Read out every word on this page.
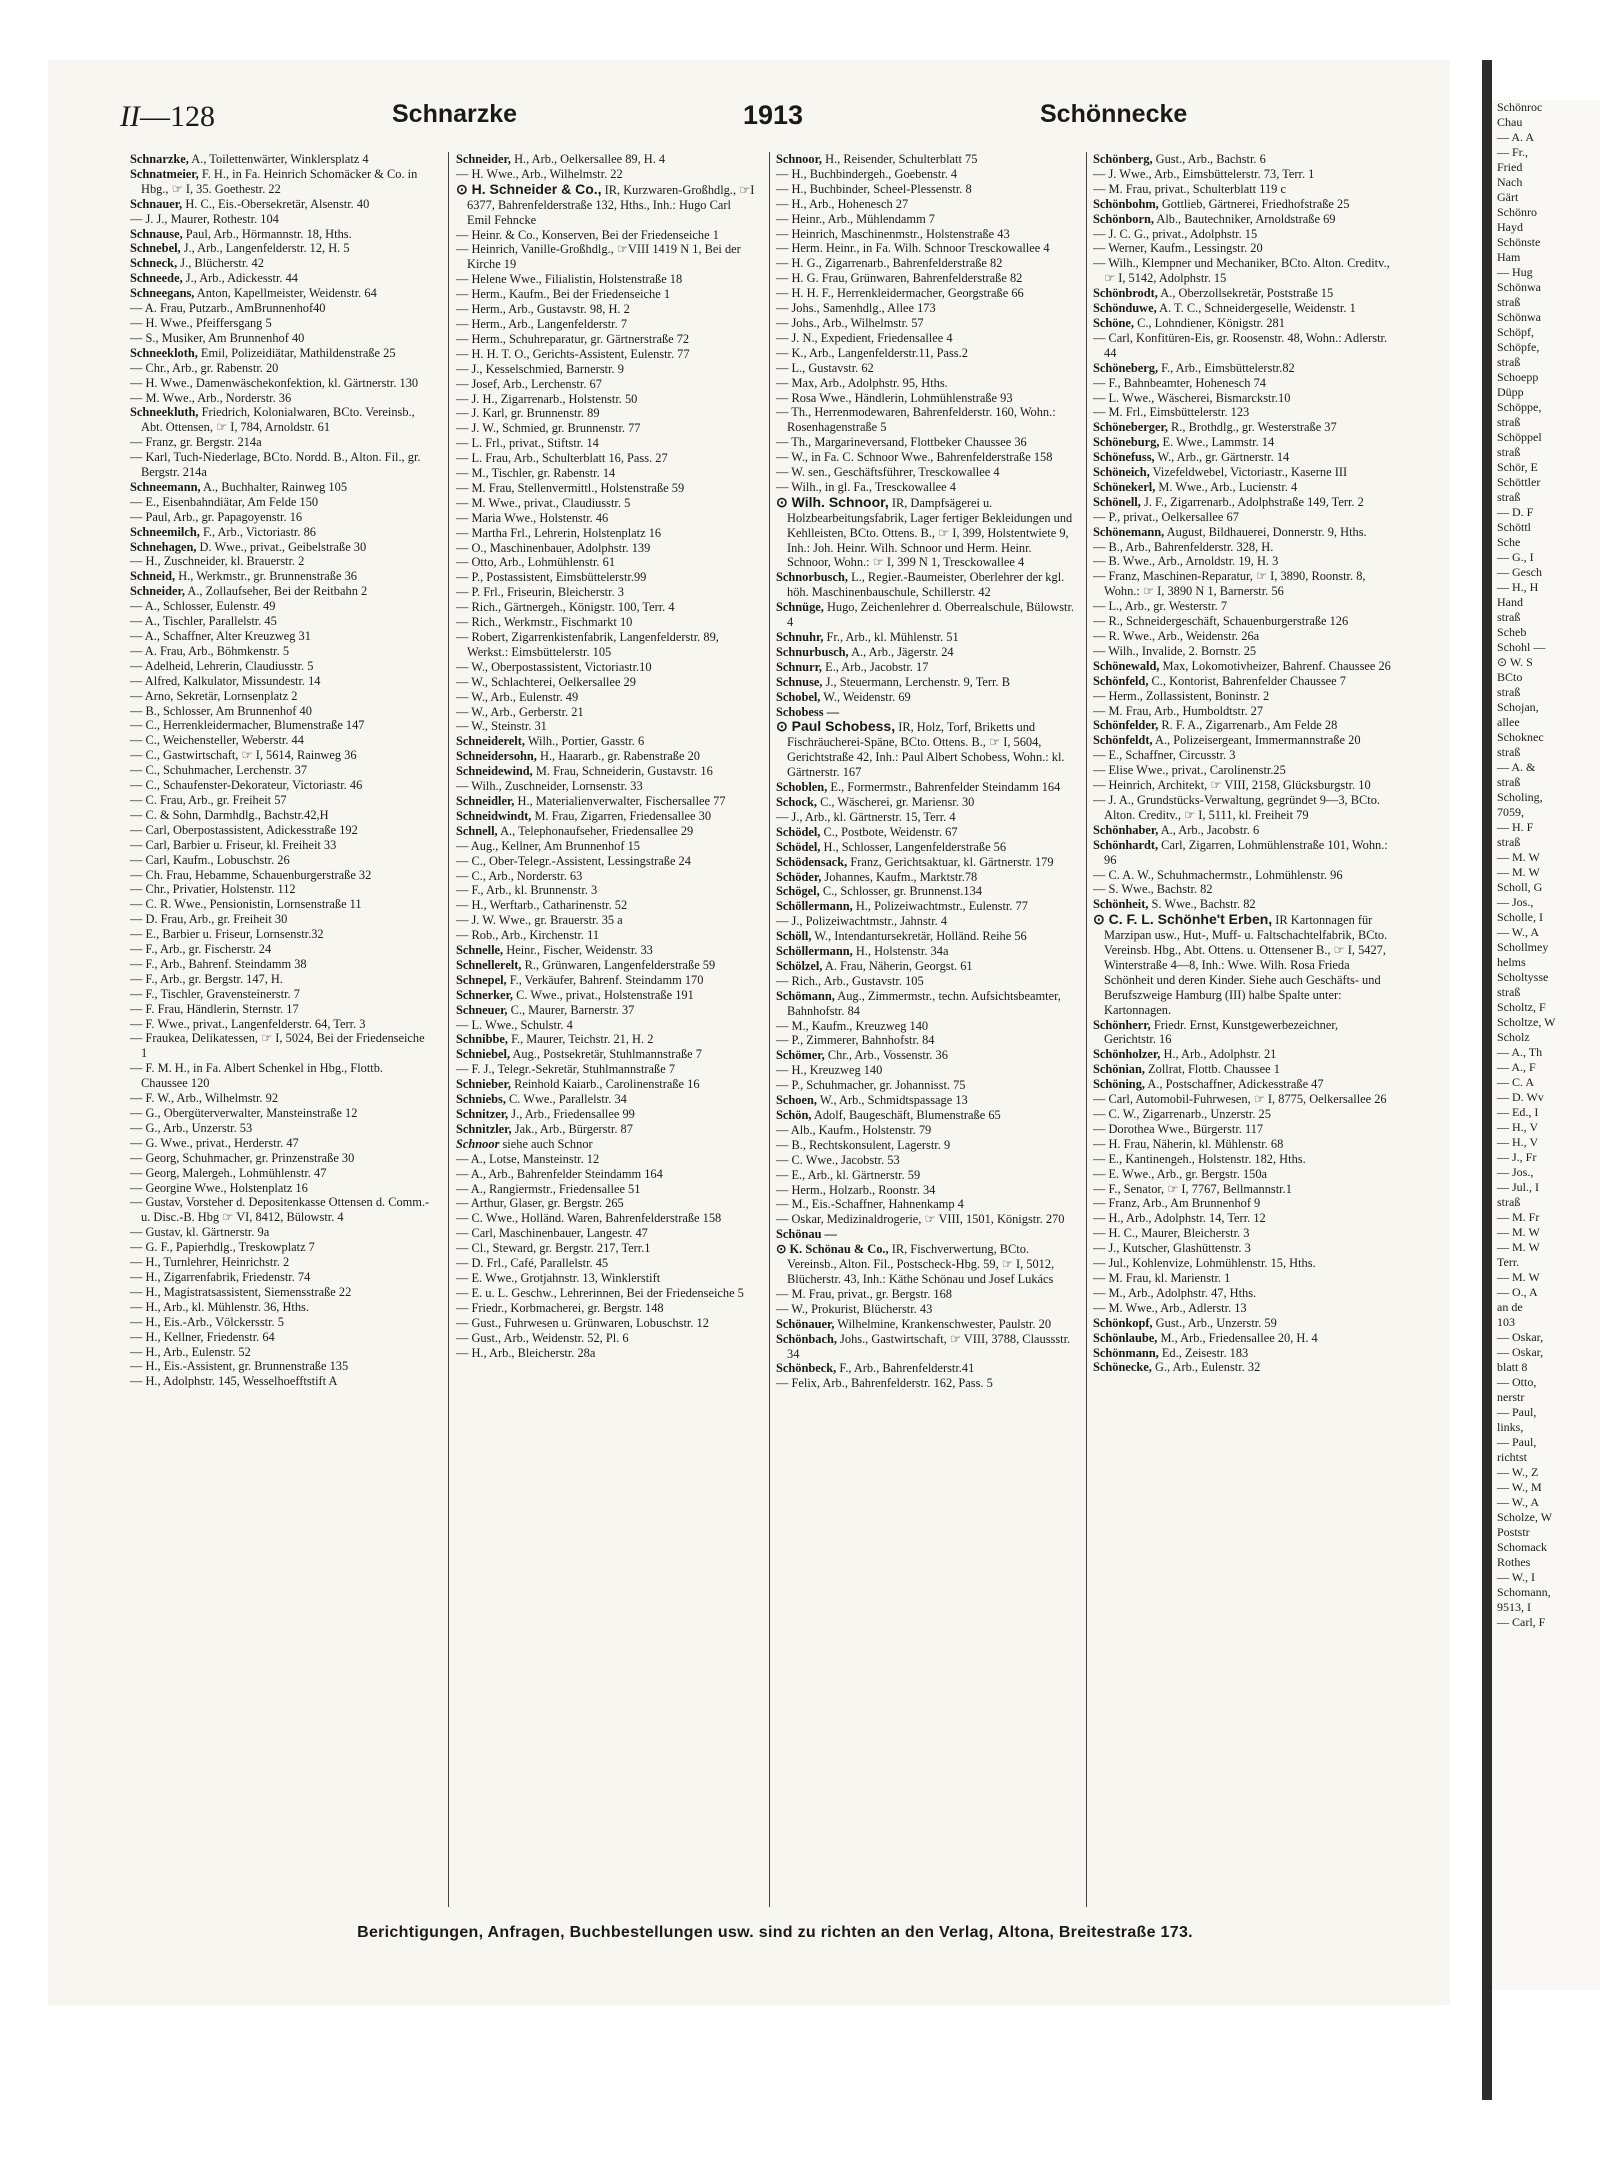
Schönroc
Chau
— A. A
— Fr.,
Fried
Nach
Gärt
Schönro
Hayd
Schönste
Ham
— Hug
Schönwa
straß
Schönwa
Schöpf,
Schöpfe,
straß
Schoepp
Düpp
Schöppe,
straß
Schöppel
straß
Schör, E
Schöttler
straß
— D. F
Schöttl
Sche
— G., I
— Gesch
— H., H
Hand
straß
Scheb
Schohl —
⊙ W. S
BCto
straß
Schojan,
allee
Schoknec
straß
— A. &
straß
Scholing,
7059,
— H. F
straß
— M. W
— M. W
Scholl, G
— Jos.,
Scholle, I
— W., A
Schollmey
helms
Scholtysse
straß
Scholtz, F
Scholtze, W
Scholz
— A., Th
— A., F
— C. A
— D. Wv
— Ed., I
— H., V
— H., V
— J., Fr
— Jos.,
— Jul., I
straß
— M. Fr
— M. W
— M. W
Terr.
— M. W
— O., A
an de
103
— Oskar,
— Oskar,
blatt 8
— Otto,
nerstr
— Paul,
links,
— Paul,
richtst
— W., Z
— W., M
— W., A
Scholze, W
Poststr
Schomack
Rothes
— W., I
Schomann,
9513, I
— Carl, F
II—128	Schnarzke	1913	Schönnecke

Schnarzke, A., Toilettenwärter, Winklersplatz 4

Schnatmeier, F. H., in Fa. Heinrich Schomäcker & Co. in Hbg., ☞ I, 35. Goethestr. 22

Schnauer, H. C., Eis.-Obersekretär, Alsenstr. 40

— J. J., Maurer, Rothestr. 104

Schnause, Paul, Arb., Hörmannstr. 18, Hths.

Schnebel, J., Arb., Langenfelderstr. 12, H. 5

Schneck, J., Blücherstr. 42

Schneede, J., Arb., Adickesstr. 44

Schneegans, Anton, Kapellmeister, Weidenstr. 64

— A. Frau, Putzarb., AmBrunnenhof40

— H. Wwe., Pfeiffersgang 5

— S., Musiker, Am Brunnenhof 40

Schneekloth, Emil, Polizeidiätar, Mathildenstraße 25

— Chr., Arb., gr. Rabenstr. 20

— H. Wwe., Damenwäschekonfektion, kl. Gärtnerstr. 130

— M. Wwe., Arb., Norderstr. 36

Schneekluth, Friedrich, Kolonialwaren, BCto. Vereinsb., Abt. Ottensen, ☞ I, 784, Arnoldstr. 61

— Franz, gr. Bergstr. 214a

— Karl, Tuch-Niederlage, BCto. Nordd. B., Alton. Fil., gr. Bergstr. 214a

Schneemann, A., Buchhalter, Rainweg 105

— E., Eisenbahndiätar, Am Felde 150

— Paul, Arb., gr. Papagoyenstr. 16

Schneemilch, F., Arb., Victoriastr. 86

Schnehagen, D. Wwe., privat., Geibelstraße 30

— H., Zuschneider, kl. Brauerstr. 2

Schneid, H., Werkmstr., gr. Brunnenstraße 36

Schneider, A., Zollaufseher, Bei der Reitbahn 2

— A., Schlosser, Eulenstr. 49

— A., Tischler, Parallelstr. 45

— A., Schaffner, Alter Kreuzweg 31

— A. Frau, Arb., Böhmkenstr. 5

— Adelheid, Lehrerin, Claudiusstr. 5

— Alfred, Kalkulator, Missundestr. 14

— Arno, Sekretär, Lornsenplatz 2

— B., Schlosser, Am Brunnenhof 40

— C., Herrenkleidermacher, Blumenstraße 147

— C., Weichensteller, Weberstr. 44

— C., Gastwirtschaft, ☞ I, 5614, Rainweg 36

— C., Schuhmacher, Lerchenstr. 37

— C., Schaufenster-Dekorateur, Victoriastr. 46

— C. Frau, Arb., gr. Freiheit 57

— C. & Sohn, Darmhdlg., Bachstr.42,H

— Carl, Oberpostassistent, Adickesstraße 192

— Carl, Barbier u. Friseur, kl. Freiheit 33

— Carl, Kaufm., Lobuschstr. 26

— Ch. Frau, Hebamme, Schauenburgerstraße 32

— Chr., Privatier, Holstenstr. 112

— C. R. Wwe., Pensionistin, Lornsenstraße 11

— D. Frau, Arb., gr. Freiheit 30

— E., Barbier u. Friseur, Lornsenstr.32

— F., Arb., gr. Fischerstr. 24

— F., Arb., Bahrenf. Steindamm 38

— F., Arb., gr. Bergstr. 147, H.

— F., Tischler, Gravensteinerstr. 7

— F. Frau, Händlerin, Sternstr. 17

— F. Wwe., privat., Langenfelderstr. 64, Terr. 3

— Fraukea, Delikatessen, ☞ I, 5024, Bei der Friedenseiche 1

— F. M. H., in Fa. Albert Schenkel in Hbg., Flottb. Chaussee 120

— F. W., Arb., Wilhelmstr. 92

— G., Obergüterverwalter, Mansteinstraße 12

— G., Arb., Unzerstr. 53

— G. Wwe., privat., Herderstr. 47

— Georg, Schuhmacher, gr. Prinzenstraße 30

— Georg, Malergeh., Lohmühlenstr. 47

— Georgine Wwe., Holstenplatz 16

— Gustav, Vorsteher d. Depositenkasse Ottensen d. Comm.- u. Disc.-B. Hbg ☞ VI, 8412, Bülowstr. 4

— Gustav, kl. Gärtnerstr. 9a

— G. F., Papierhdlg., Treskowplatz 7

— H., Turnlehrer, Heinrichstr. 2

— H., Zigarrenfabrik, Friedenstr. 74

— H., Magistratsassistent, Siemensstraße 22

— H., Arb., kl. Mühlenstr. 36, Hths.

— H., Eis.-Arb., Völckersstr. 5

— H., Kellner, Friedenstr. 64

— H., Arb., Eulenstr. 52

— H., Eis.-Assistent, gr. Brunnenstraße 135

— H., Adolphstr. 145, Wesselhoefftstift A

Schneider, H., Arb., Oelkersallee 89, H. 4

— H. Wwe., Arb., Wilhelmstr. 22

⊙ H. Schneider & Co., IR, Kurzwaren-Großhdlg., ☞I 6377, Bahrenfelderstraße 132, Hths., Inh.: Hugo Carl Emil Fehncke

— Heinr. & Co., Konserven, Bei der Friedenseiche 1

— Heinrich, Vanille-Großhdlg., ☞VIII 1419 N 1, Bei der Kirche 19

— Helene Wwe., Filialistin, Holstenstraße 18

— Herm., Kaufm., Bei der Friedenseiche 1

— Herm., Arb., Gustavstr. 98, H. 2

— Herm., Arb., Langenfelderstr. 7

— Herm., Schuhreparatur, gr. Gärtnerstraße 72

— H. H. T. O., Gerichts-Assistent, Eulenstr. 77

— J., Kesselschmied, Barnerstr. 9

— Josef, Arb., Lerchenstr. 67

— J. H., Zigarrenarb., Holstenstr. 50

— J. Karl, gr. Brunnenstr. 89

— J. W., Schmied, gr. Brunnenstr. 77

— L. Frl., privat., Stiftstr. 14

— L. Frau, Arb., Schulterblatt 16, Pass. 27

— M., Tischler, gr. Rabenstr. 14

— M. Frau, Stellenvermittl., Holstenstraße 59

— M. Wwe., privat., Claudiusstr. 5

— Maria Wwe., Holstenstr. 46

— Martha Frl., Lehrerin, Holstenplatz 16

— O., Maschinenbauer, Adolphstr. 139

— Otto, Arb., Lohmühlenstr. 61

— P., Postassistent, Eimsbüttelerstr.99

— P. Frl., Friseurin, Bleicherstr. 3

— Rich., Gärtnergeh., Königstr. 100, Terr. 4

— Rich., Werkmstr., Fischmarkt 10

— Robert, Zigarrenkistenfabrik, Langenfelderstr. 89, Werkst.: Eimsbüttelerstr. 105

— W., Oberpostassistent, Victoriastr.10

— W., Schlachterei, Oelkersallee 29

— W., Arb., Eulenstr. 49

— W., Arb., Gerberstr. 21

— W., Steinstr. 31

Schneiderelt, Wilh., Portier, Gasstr. 6

Schneidersohn, H., Haararb., gr. Rabenstraße 20

Schneidewind, M. Frau, Schneiderin, Gustavstr. 16

— Wilh., Zuschneider, Lornsenstr. 33

Schneidler, H., Materialienverwalter, Fischersallee 77

Schneidwindt, M. Frau, Zigarren, Friedensallee 30

Schnell, A., Telephonaufseher, Friedensallee 29

— Aug., Kellner, Am Brunnenhof 15

— C., Ober-Telegr.-Assistent, Lessingstraße 24

— C., Arb., Norderstr. 63

— F., Arb., kl. Brunnenstr. 3

— H., Werftarb., Catharinenstr. 52

— J. W. Wwe., gr. Brauerstr. 35 a

— Rob., Arb., Kirchenstr. 11

Schnelle, Heinr., Fischer, Weidenstr. 33

Schnellerelt, R., Grünwaren, Langenfelderstraße 59

Schnepel, F., Verkäufer, Bahrenf. Steindamm 170

Schnerker, C. Wwe., privat., Holstenstraße 191

Schneuer, C., Maurer, Barnerstr. 37

— L. Wwe., Schulstr. 4

Schnibbe, F., Maurer, Teichstr. 21, H. 2

Schniebel, Aug., Postsekretär, Stuhlmannstraße 7

— F. J., Telegr.-Sekretär, Stuhlmannstraße 7

Schnieber, Reinhold Kaiarb., Carolinenstraße 16

Schniebs, C. Wwe., Parallelstr. 34

Schnitzer, J., Arb., Friedensallee 99

Schnitzler, Jak., Arb., Bürgerstr. 87

Schnoor siehe auch Schnor

— A., Lotse, Mansteinstr. 12

— A., Arb., Bahrenfelder Steindamm 164

— A., Rangiermstr., Friedensallee 51

— Arthur, Glaser, gr. Bergstr. 265

— C. Wwe., Holländ. Waren, Bahrenfelderstraße 158

— Carl, Maschinenbauer, Langestr. 47

— Cl., Steward, gr. Bergstr. 217, Terr.1

— D. Frl., Café, Parallelstr. 45

— E. Wwe., Grotjahnstr. 13, Winklerstift

— E. u. L. Geschw., Lehrerinnen, Bei der Friedenseiche 5

— Friedr., Korbmacherei, gr. Bergstr. 148

— Gust., Fuhrwesen u. Grünwaren, Lobuschstr. 12

— Gust., Arb., Weidenstr. 52, Pl. 6

— H., Arb., Bleicherstr. 28a

Schnoor, H., Reisender, Schulterblatt 75

— H., Buchbindergeh., Goebenstr. 4

— H., Buchbinder, Scheel-Plessenstr. 8

— H., Arb., Hohenesch 27

— Heinr., Arb., Mühlendamm 7

— Heinrich, Maschinenmstr., Holstenstraße 43

— Herm. Heinr., in Fa. Wilh. Schnoor Tresckowallee 4

— H. G., Zigarrenarb., Bahrenfelderstraße 82

— H. G. Frau, Grünwaren, Bahrenfelderstraße 82

— H. H. F., Herrenkleidermacher, Georgstraße 66

— Johs., Samenhdlg., Allee 173

— Johs., Arb., Wilhelmstr. 57

— J. N., Expedient, Friedensallee 4

— K., Arb., Langenfelderstr.11, Pass.2

— L., Gustavstr. 62

— Max, Arb., Adolphstr. 95, Hths.

— Rosa Wwe., Händlerin, Lohmühlenstraße 93

— Th., Herrenmodewaren, Bahrenfelderstr. 160, Wohn.: Rosenhagenstraße 5

— Th., Margarineversand, Flottbeker Chaussee 36

— W., in Fa. C. Schnoor Wwe., Bahrenfelderstraße 158

— W. sen., Geschäftsführer, Tresckowallee 4

— Wilh., in gl. Fa., Tresckowallee 4

⊙ Wilh. Schnoor, IR, Dampfsägerei u. Holzbearbeitungsfabrik, Lager fertiger Bekleidungen und Kehlleisten, BCto. Ottens. B., ☞ I, 399, Holstentwiete 9, Inh.: Joh. Heinr. Wilh. Schnoor und Herm. Heinr. Schnoor, Wohn.: ☞ I, 399 N 1, Tresckowallee 4

Schnorbusch, L., Regier.-Baumeister, Oberlehrer der kgl. höh. Maschinenbauschule, Schillerstr. 42

Schnüge, Hugo, Zeichenlehrer d. Oberrealschule, Bülowstr. 4

Schnuhr, Fr., Arb., kl. Mühlenstr. 51

Schnurbusch, A., Arb., Jägerstr. 24

Schnurr, E., Arb., Jacobstr. 17

Schnuse, J., Steuermann, Lerchenstr. 9, Terr. B

Schobel, W., Weidenstr. 69

Schobess —

⊙ Paul Schobess, IR, Holz, Torf, Briketts und Fischräucherei-Späne, BCto. Ottens. B., ☞ I, 5604, Gerichtstraße 42, Inh.: Paul Albert Schobess, Wohn.: kl. Gärtnerstr. 167

Schoblen, E., Formermstr., Bahrenfelder Steindamm 164

Schock, C., Wäscherei, gr. Mariensr. 30

— J., Arb., kl. Gärtnerstr. 15, Terr. 4

Schödel, C., Postbote, Weidenstr. 67

Schödel, H., Schlosser, Langenfelderstraße 56

Schödensack, Franz, Gerichtsaktuar, kl. Gärtnerstr. 179

Schöder, Johannes, Kaufm., Marktstr.78

Schögel, C., Schlosser, gr. Brunnenst.134

Schöllermann, H., Polizeiwachtmstr., Eulenstr. 77

— J., Polizeiwachtmstr., Jahnstr. 4

Schöll, W., Intendantursekretär, Holländ. Reihe 56

Schöllermann, H., Holstenstr. 34a

Schölzel, A. Frau, Näherin, Georgst. 61

— Rich., Arb., Gustavstr. 105

Schömann, Aug., Zimmermstr., techn. Aufsichtsbeamter, Bahnhofstr. 84

— M., Kaufm., Kreuzweg 140

— P., Zimmerer, Bahnhofstr. 84

Schömer, Chr., Arb., Vossenstr. 36

— H., Kreuzweg 140

— P., Schuhmacher, gr. Johannisst. 75

Schoen, W., Arb., Schmidtspassage 13

Schön, Adolf, Baugeschäft, Blumenstraße 65

— Alb., Kaufm., Holstenstr. 79

— B., Rechtskonsulent, Lagerstr. 9

— C. Wwe., Jacobstr. 53

— E., Arb., kl. Gärtnerstr. 59

— Herm., Holzarb., Roonstr. 34

— M., Eis.-Schaffner, Hahnenkamp 4

— Oskar, Medizinaldrogerie, ☞ VIII, 1501, Königstr. 270

Schönau —

⊙ K. Schönau & Co., IR, Fischverwertung, BCto. Vereinsb., Alton. Fil., Postscheck-Hbg. 59, ☞ I, 5012, Blücherstr. 43, Inh.: Käthe Schönau und Josef Lukács

— M. Frau, privat., gr. Bergstr. 168

— W., Prokurist, Blücherstr. 43

Schönauer, Wilhelmine, Krankenschwester, Paulstr. 20

Schönbach, Johs., Gastwirtschaft, ☞ VIII, 3788, Claussstr. 34

Schönbeck, F., Arb., Bahrenfelderstr.41

— Felix, Arb., Bahrenfelderstr. 162, Pass. 5

Schönberg, Gust., Arb., Bachstr. 6

— J. Wwe., Arb., Eimsbüttelerstr. 73, Terr. 1

— M. Frau, privat., Schulterblatt 119 c

Schönbohm, Gottlieb, Gärtnerei, Friedhofstraße 25

Schönborn, Alb., Bautechniker, Arnoldstraße 69

— J. C. G., privat., Adolphstr. 15

— Werner, Kaufm., Lessingstr. 20

— Wilh., Klempner und Mechaniker, BCto. Alton. Creditv., ☞ I, 5142, Adolphstr. 15

Schönbrodt, A., Oberzollsekretär, Poststraße 15

Schönduwe, A. T. C., Schneidergeselle, Weidenstr. 1

Schöne, C., Lohndiener, Königstr. 281

— Carl, Konfitüren-Eis, gr. Roosenstr. 48, Wohn.: Adlerstr. 44

Schöneberg, F., Arb., Eimsbüttelerstr.82

— F., Bahnbeamter, Hohenesch 74

— L. Wwe., Wäscherei, Bismarckstr.10

— M. Frl., Eimsbüttelerstr. 123

Schöneberger, R., Brothdlg., gr. Westerstraße 37

Schöneburg, E. Wwe., Lammstr. 14

Schönefuss, W., Arb., gr. Gärtnerstr. 14

Schöneich, Vizefeldwebel, Victoriastr., Kaserne III

Schönekerl, M. Wwe., Arb., Lucienstr. 4

Schönell, J. F., Zigarrenarb., Adolphstraße 149, Terr. 2

— P., privat., Oelkersallee 67

Schönemann, August, Bildhauerei, Donnerstr. 9, Hths.

— B., Arb., Bahrenfelderstr. 328, H.

— B. Wwe., Arb., Arnoldstr. 19, H. 3

— Franz, Maschinen-Reparatur, ☞ I, 3890, Roonstr. 8, Wohn.: ☞ I, 3890 N 1, Barnerstr. 56

— L., Arb., gr. Westerstr. 7

— R., Schneidergeschäft, Schauenburgerstraße 126

— R. Wwe., Arb., Weidenstr. 26a

— Wilh., Invalide, 2. Bornstr. 25

Schönewald, Max, Lokomotivheizer, Bahrenf. Chaussee 26

Schönfeld, C., Kontorist, Bahrenfelder Chaussee 7

— Herm., Zollassistent, Boninstr. 2

— M. Frau, Arb., Humboldtstr. 27

Schönfelder, R. F. A., Zigarrenarb., Am Felde 28

Schönfeldt, A., Polizeisergeant, Immermannstraße 20

— E., Schaffner, Circusstr. 3

— Elise Wwe., privat., Carolinenstr.25

— Heinrich, Architekt, ☞ VIII, 2158, Glücksburgstr. 10

— J. A., Grundstücks-Verwaltung, gegründet 9—3, BCto. Alton. Creditv., ☞ I, 5111, kl. Freiheit 79

Schönhaber, A., Arb., Jacobstr. 6

Schönhardt, Carl, Zigarren, Lohmühlenstraße 101, Wohn.: 96

— C. A. W., Schuhmachermstr., Lohmühlenstr. 96

— S. Wwe., Bachstr. 82

Schönheit, S. Wwe., Bachstr. 82

⊙ C. F. L. Schönhe't Erben, IR Kartonnagen für Marzipan usw., Hut-, Muff- u. Faltschachtelfabrik, BCto. Vereinsb. Hbg., Abt. Ottens. u. Ottensener B., ☞ I, 5427, Winterstraße 4—8, Inh.: Wwe. Wilh. Rosa Frieda Schönheit und deren Kinder. Siehe auch Geschäfts- und Berufszweige Hamburg (III) halbe Spalte unter: Kartonnagen.

Schönherr, Friedr. Ernst, Kunstgewerbezeichner, Gerichtstr. 16

Schönholzer, H., Arb., Adolphstr. 21

Schönian, Zollrat, Flottb. Chaussee 1

Schöning, A., Postschaffner, Adickesstraße 47

— Carl, Automobil-Fuhrwesen, ☞ I, 8775, Oelkersallee 26

— C. W., Zigarrenarb., Unzerstr. 25

— Dorothea Wwe., Bürgerstr. 117

— H. Frau, Näherin, kl. Mühlenstr. 68

— E., Kantinengeh., Holstenstr. 182, Hths.

— E. Wwe., Arb., gr. Bergstr. 150a

— F., Senator, ☞ I, 7767, Bellmannstr.1

— Franz, Arb., Am Brunnenhof 9

— H., Arb., Adolphstr. 14, Terr. 12

— H. C., Maurer, Bleicherstr. 3

— J., Kutscher, Glashüttenstr. 3

— Jul., Kohlenvize, Lohmühlenstr. 15, Hths.

— M. Frau, kl. Marienstr. 1

— M., Arb., Adolphstr. 47, Hths.

— M. Wwe., Arb., Adlerstr. 13

Schönkopf, Gust., Arb., Unzerstr. 59

Schönlaube, M., Arb., Friedensallee 20, H. 4

Schönmann, Ed., Zeisestr. 183

Schönecke, G., Arb., Eulenstr. 32

Berichtigungen, Anfragen, Buchbestellungen usw. sind zu richten an den Verlag, Altona, Breitestraße 173.
